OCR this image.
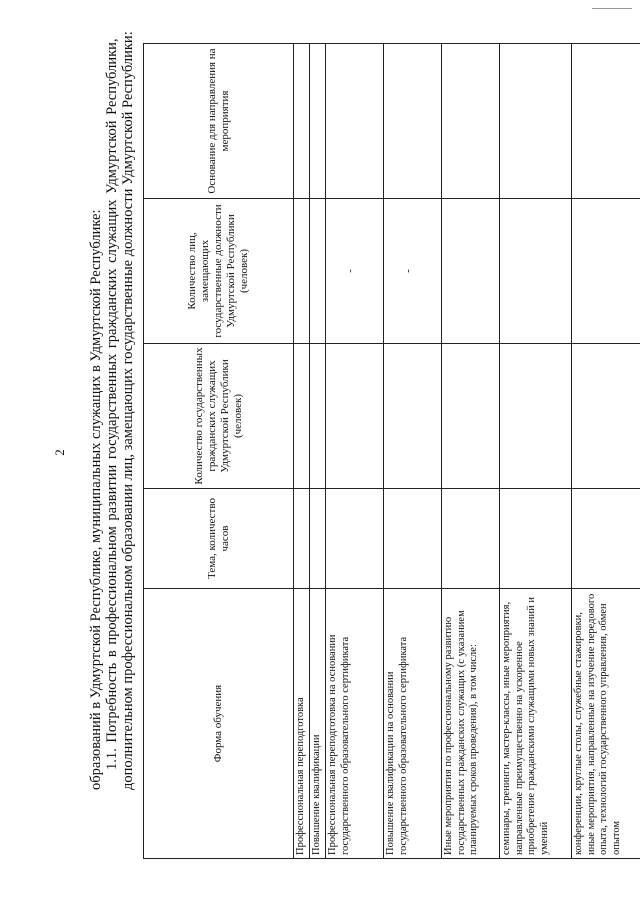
2 образований в Удмуртской Республике, муниципальных служащих в Удмуртской Республике: 1.1. Потребность в профессиональном развитии государственных гражданских служащих Удмуртской Республики, дополнительном профессиональном образовании лиц, замещающих государственные должности Удмуртской Республики:	Форма обучения	Тема, количество часов	Количество государственных гражданских служащих Удмуртской Республики (человек)	Количество лиц, замещающих государственные должности Удмуртской Республики (человек)	Основание для направления на мероприятия
Профессиональная переподготовка				
Повышение квалификации				
Профессиональная переподготовка на основании государственного образовательного сертификата			-	

Повышение квалификации на основании государственного образовательного сертификата			-	

Иные мероприятия по профессиональному развитию государственных гражданских служащих (с указанием планируемых сроков проведения), в том числе:				
семинары, тренинги, мастер-классы, иные мероприятия, направленные преимущественно на ускоренное приобретение гражданскими служащими новых знаний и умений				
конференции, круглые столы, служебные стажировки, иные мероприятия, направленные на изучение передового опыта, технологий государственного управления, обмен опытом				
